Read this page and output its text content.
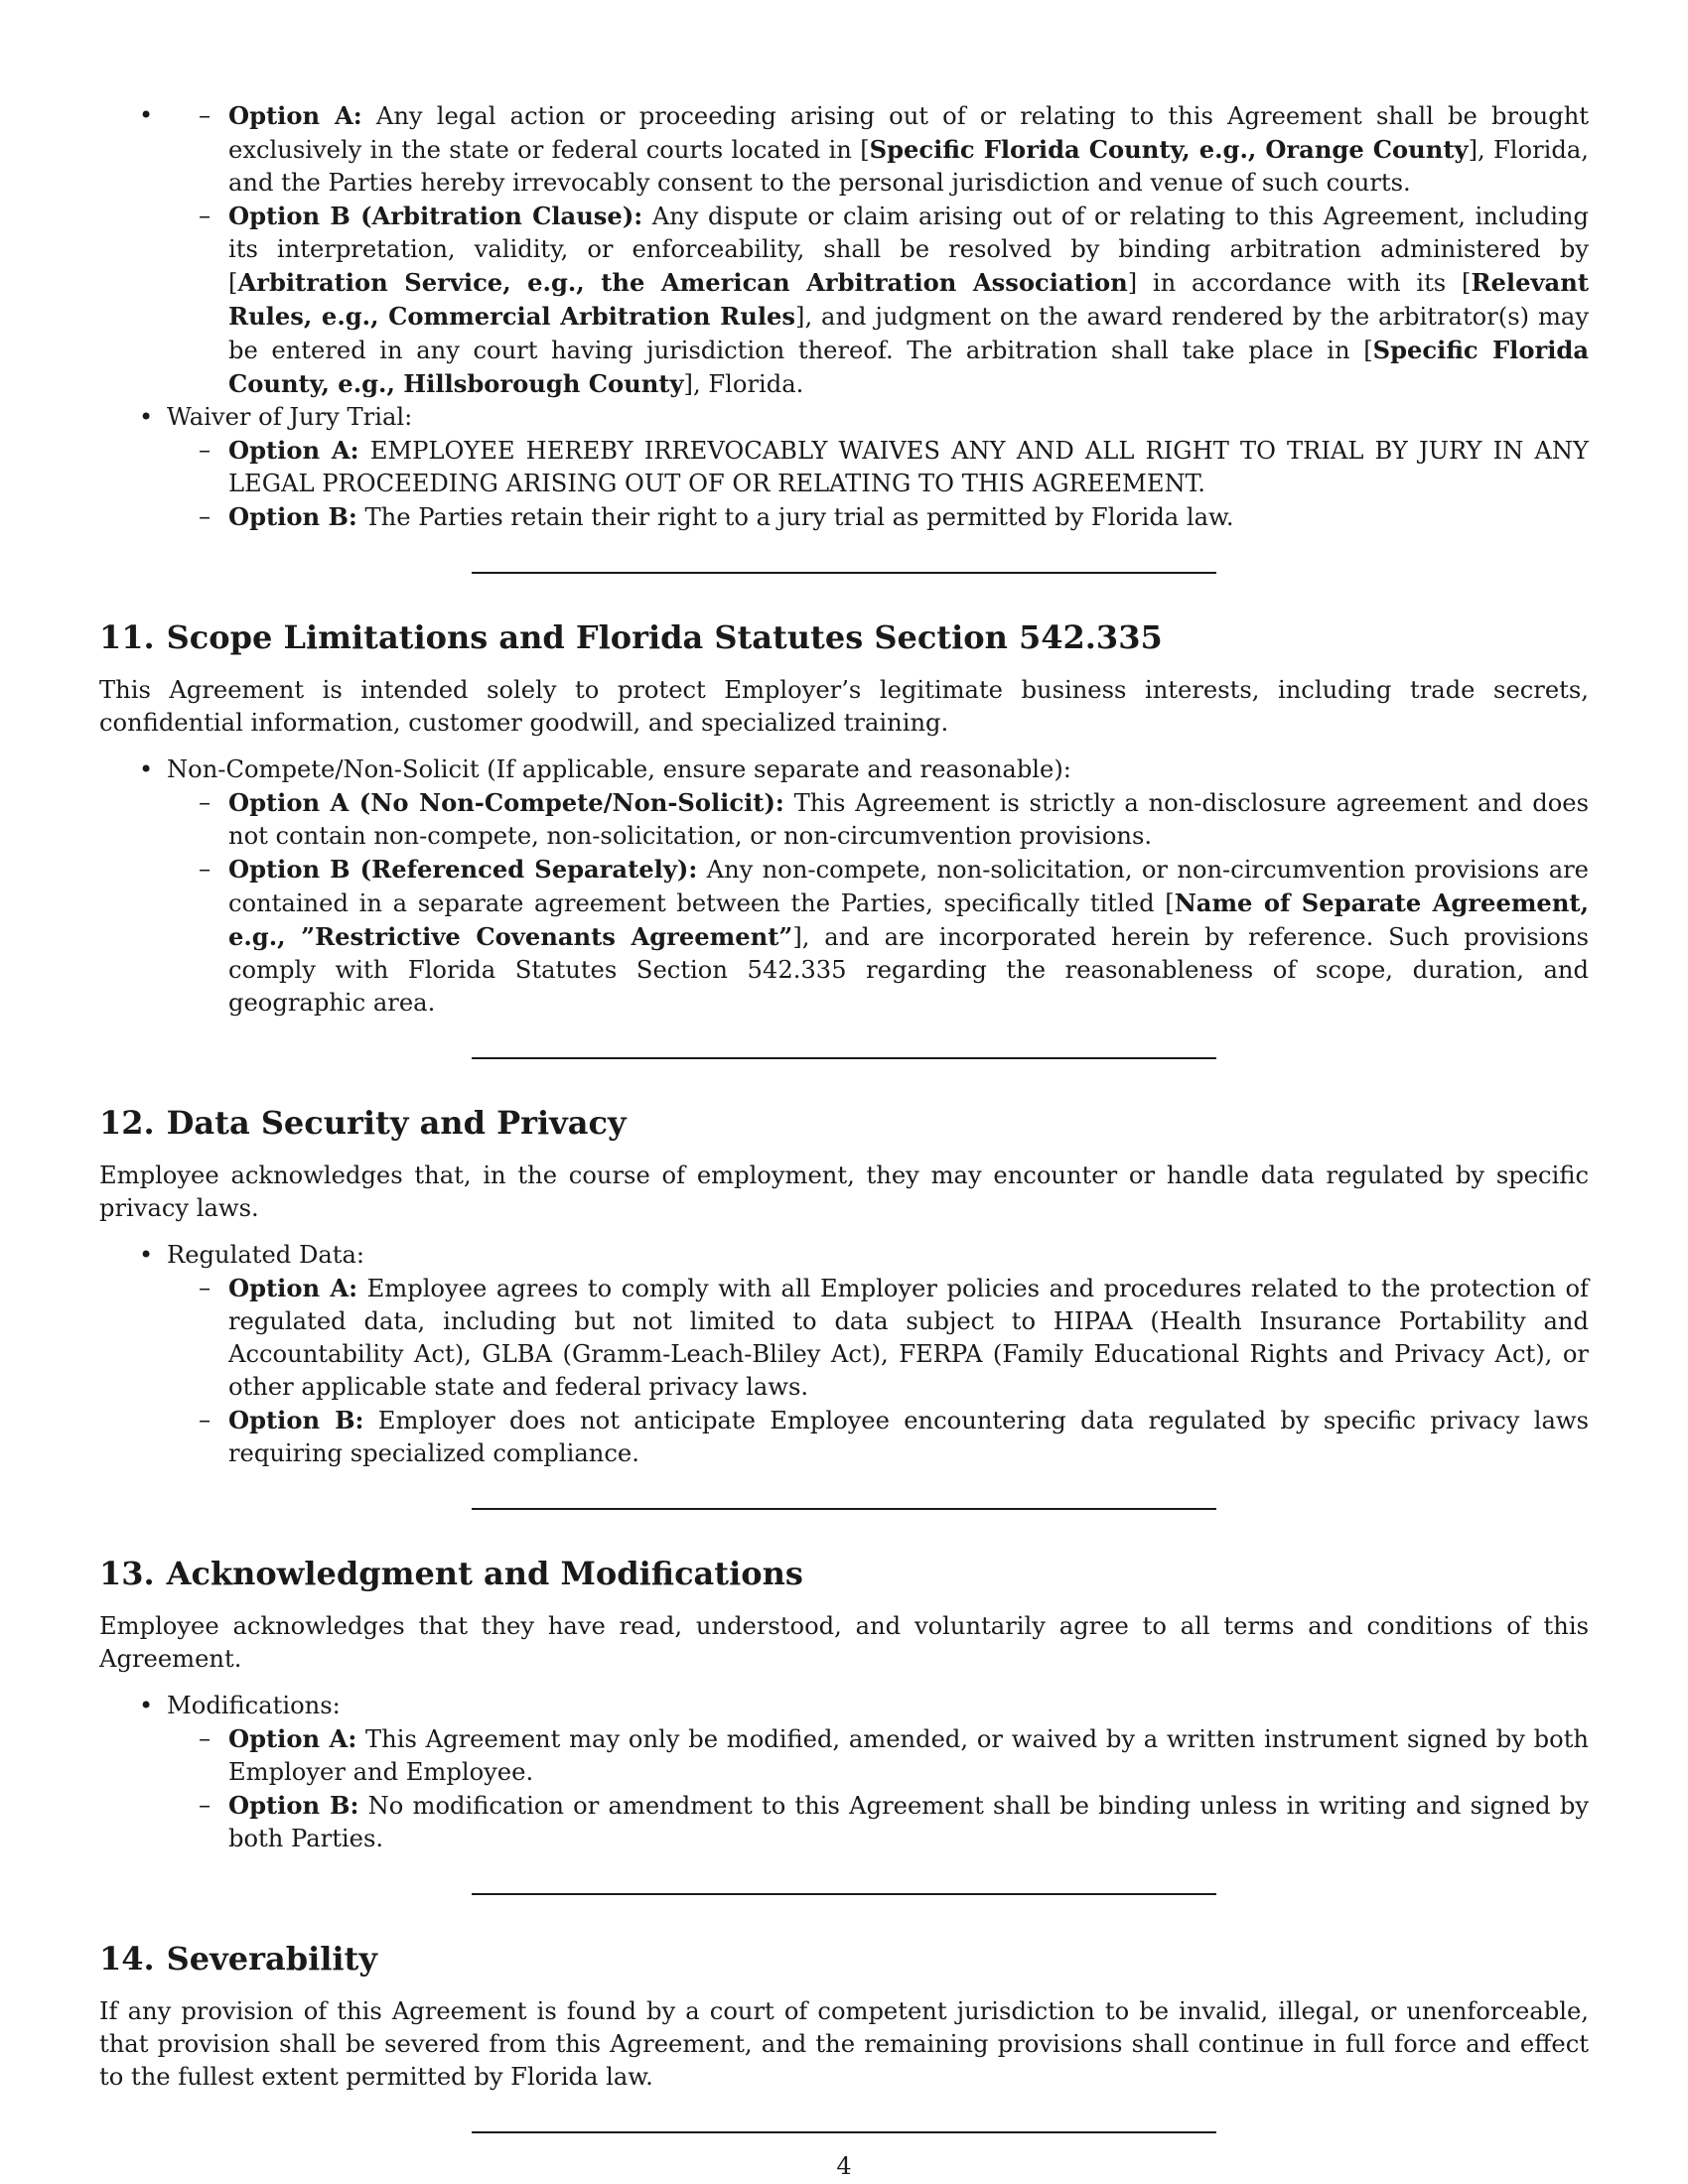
– • Option A: Any legal action or proceeding arising out of or relating to this Agreement shall be brought exclusively in the state or federal courts located in [Specific Florida County, e.g., Orange County], Florida, and the Parties hereby irrevocably consent to the personal jurisdiction and venue of such courts.
– Option B (Arbitration Clause): Any dispute or claim arising out of or relating to this Agreement, including its interpretation, validity, or enforceability, shall be resolved by binding arbitration administered by [Arbitration Service, e.g., the American Arbitration Association] in accordance with its [Relevant Rules, e.g., Commercial Arbitration Rules], and judgment on the award rendered by the arbitrator(s) may be entered in any court having jurisdiction thereof. The arbitration shall take place in [Specific Florida County, e.g., Hillsborough County], Florida.
• Waiver of Jury Trial:
– Option A: EMPLOYEE HEREBY IRREVOCABLY WAIVES ANY AND ALL RIGHT TO TRIAL BY JURY IN ANY LEGAL PROCEEDING ARISING OUT OF OR RELATING TO THIS AGREEMENT.
– Option B: The Parties retain their right to a jury trial as permitted by Florida law.
11. Scope Limitations and Florida Statutes Section 542.335

This Agreement is intended solely to protect Employer’s legitimate business interests, including trade secrets, confidential information, customer goodwill, and specialized training.

• Non-Compete/Non-Solicit (If applicable, ensure separate and reasonable):
– Option A (No Non-Compete/Non-Solicit): This Agreement is strictly a non-disclosure agreement and does not contain non-compete, non-solicitation, or non-circumvention provisions.
– Option B (Referenced Separately): Any non-compete, non-solicitation, or non-circumvention provisions are contained in a separate agreement between the Parties, specifically titled [Name of Separate Agreement, e.g., ”Restrictive Covenants Agreement”], and are incorporated herein by reference. Such provisions comply with Florida Statutes Section 542.335 regarding the reasonableness of scope, duration, and geographic area.
12. Data Security and Privacy

Employee acknowledges that, in the course of employment, they may encounter or handle data regulated by specific privacy laws.

• Regulated Data:
– Option A: Employee agrees to comply with all Employer policies and procedures related to the protection of regulated data, including but not limited to data subject to HIPAA (Health Insurance Portability and Accountability Act), GLBA (Gramm-Leach-Bliley Act), FERPA (Family Educational Rights and Privacy Act), or other applicable state and federal privacy laws.
– Option B: Employer does not anticipate Employee encountering data regulated by specific privacy laws requiring specialized compliance.
13. Acknowledgment and Modifications

Employee acknowledges that they have read, understood, and voluntarily agree to all terms and conditions of this Agreement.

• Modifications:
– Option A: This Agreement may only be modified, amended, or waived by a written instrument signed by both Employer and Employee.
– Option B: No modification or amendment to this Agreement shall be binding unless in writing and signed by both Parties.
14. Severability

If any provision of this Agreement is found by a court of competent jurisdiction to be invalid, illegal, or unenforceable, that provision shall be severed from this Agreement, and the remaining provisions shall continue in full force and effect to the fullest extent permitted by Florida law.

4
